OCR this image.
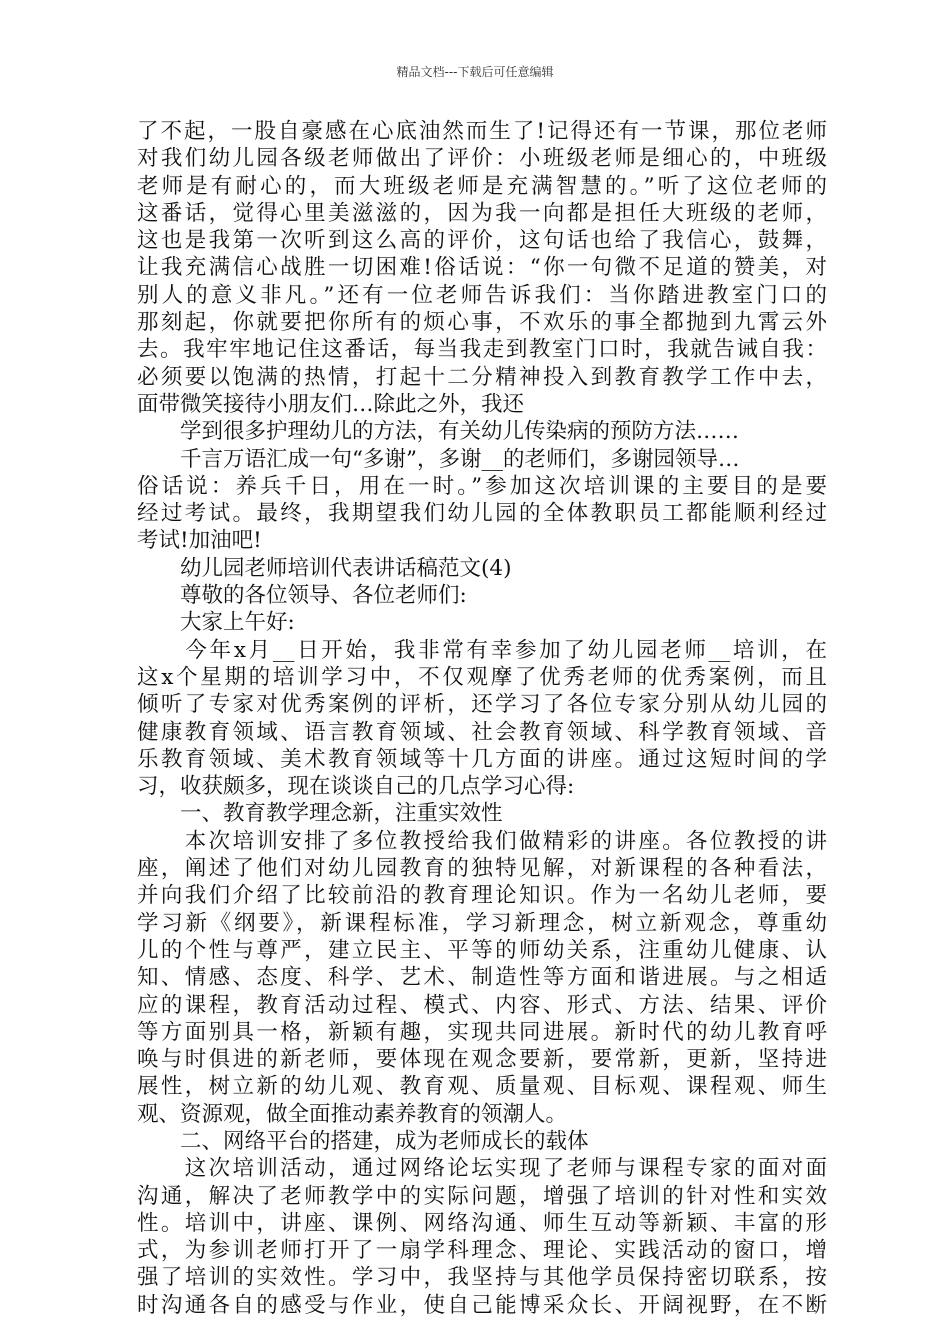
精品文档---下载后可任意编辑
了不起，一股自豪感在心底油然而生了!记得还有一节课，那位老师
对我们幼儿园各级老师做出了评价：小班级老师是细心的，中班级
老师是有耐心的，而大班级老师是充满智慧的。”听了这位老师的
这番话，觉得心里美滋滋的，因为我一向都是担任大班级的老师，
这也是我第一次听到这么高的评价，这句话也给了我信心，鼓舞，
让我充满信心战胜一切困难!俗话说：“你一句微不足道的赞美，对
别人的意义非凡。”还有一位老师告诉我们：当你踏进教室门口的
那刻起，你就要把你所有的烦心事，不欢乐的事全都抛到九霄云外
去。我牢牢地记住这番话，每当我走到教室门口时，我就告诫自我：
必须要以饱满的热情，打起十二分精神投入到教育教学工作中去，
面带微笑接待小朋友们…除此之外，我还
　　学到很多护理幼儿的方法，有关幼儿传染病的预防方法……
　　千言万语汇成一句“多谢”，多谢__的老师们，多谢园领导…
俗话说：养兵千日，用在一时。”参加这次培训课的主要目的是要
经过考试。最终，我期望我们幼儿园的全体教职员工都能顺利经过
考试!加油吧!
　　幼儿园老师培训代表讲话稿范文(4)
　　尊敬的各位领导、各位老师们:
　　大家上午好:
　　今年x月__日开始，我非常有幸参加了幼儿园老师__培训，在
这x个星期的培训学习中，不仅观摩了优秀老师的优秀案例，而且
倾听了专家对优秀案例的评析，还学习了各位专家分别从幼儿园的
健康教育领域、语言教育领域、社会教育领域、科学教育领域、音
乐教育领域、美术教育领域等十几方面的讲座。通过这短时间的学
习，收获颇多，现在谈谈自己的几点学习心得:
　　一、教育教学理念新，注重实效性
　　本次培训安排了多位教授给我们做精彩的讲座。各位教授的讲
座，阐述了他们对幼儿园教育的独特见解，对新课程的各种看法，
并向我们介绍了比较前沿的教育理论知识。作为一名幼儿老师，要
学习新《纲要》，新课程标准，学习新理念，树立新观念，尊重幼
儿的个性与尊严，建立民主、平等的师幼关系，注重幼儿健康、认
知、情感、态度、科学、艺术、制造性等方面和谐进展。与之相适
应的课程，教育活动过程、模式、内容、形式、方法、结果、评价
等方面别具一格，新颖有趣，实现共同进展。新时代的幼儿教育呼
唤与时俱进的新老师，要体现在观念要新，要常新，更新，坚持进
展性，树立新的幼儿观、教育观、质量观、目标观、课程观、师生
观、资源观，做全面推动素养教育的领潮人。
　　二、网络平台的搭建，成为老师成长的载体
　　这次培训活动，通过网络论坛实现了老师与课程专家的面对面
沟通，解决了老师教学中的实际问题，增强了培训的针对性和实效
性。培训中，讲座、课例、网络沟通、师生互动等新颖、丰富的形
式，为参训老师打开了一扇学科理念、理论、实践活动的窗口，增
强了培训的实效性。学习中，我坚持与其他学员保持密切联系，按
时沟通各自的感受与作业，使自己能博采众长、开阔视野，在不断
